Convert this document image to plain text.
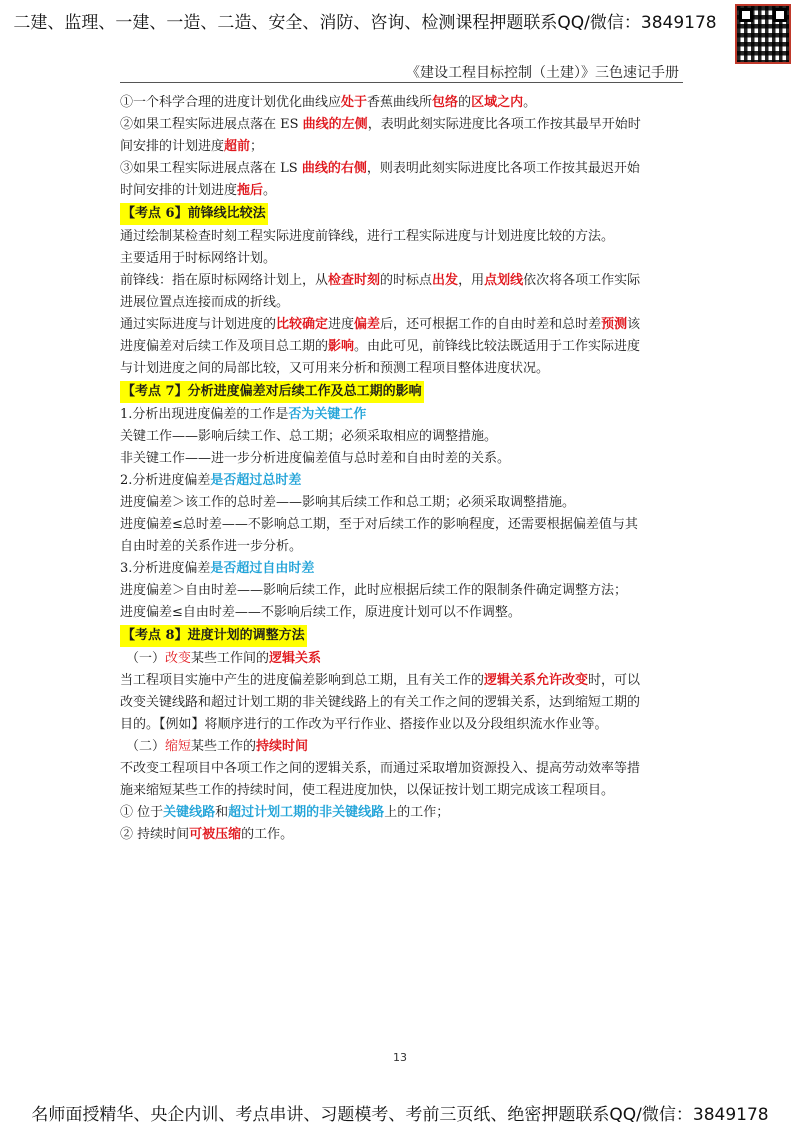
二建、监理、一建、一造、二造、安全、消防、咨询、检测课程押题联系QQ/微信：3849178
《建设工程目标控制（土建）》三色速记手册

①一个科学合理的进度计划优化曲线应处于香蕉曲线所包络的区域之内。

②如果工程实际进展点落在 ES 曲线的左侧，表明此刻实际进度比各项工作按其最早开始时

间安排的计划进度超前；

③如果工程实际进展点落在 LS 曲线的右侧，则表明此刻实际进度比各项工作按其最迟开始

时间安排的计划进度拖后。

【考点 6】前锋线比较法

通过绘制某检查时刻工程实际进度前锋线，进行工程实际进度与计划进度比较的方法。

主要适用于时标网络计划。

前锋线：指在原时标网络计划上，从检查时刻的时标点出发，用点划线依次将各项工作实际

进展位置点连接而成的折线。

通过实际进度与计划进度的比较确定进度偏差后，还可根据工作的自由时差和总时差预测该

进度偏差对后续工作及项目总工期的影响。由此可见，前锋线比较法既适用于工作实际进度

与计划进度之间的局部比较，又可用来分析和预测工程项目整体进度状况。

【考点 7】分析进度偏差对后续工作及总工期的影响

1.分析出现进度偏差的工作是否为关键工作

关键工作——影响后续工作、总工期；必须采取相应的调整措施。

非关键工作——进一步分析进度偏差值与总时差和自由时差的关系。

2.分析进度偏差是否超过总时差

进度偏差＞该工作的总时差——影响其后续工作和总工期；必须采取调整措施。

进度偏差≤总时差——不影响总工期，至于对后续工作的影响程度，还需要根据偏差值与其

自由时差的关系作进一步分析。

3.分析进度偏差是否超过自由时差

进度偏差＞自由时差——影响后续工作，此时应根据后续工作的限制条件确定调整方法；

进度偏差≤自由时差——不影响后续工作，原进度计划可以不作调整。

【考点 8】进度计划的调整方法

（一）改变某些工作间的逻辑关系

当工程项目实施中产生的进度偏差影响到总工期，且有关工作的逻辑关系允许改变时，可以

改变关键线路和超过计划工期的非关键线路上的有关工作之间的逻辑关系，达到缩短工期的

目的。【例如】将顺序进行的工作改为平行作业、搭接作业以及分段组织流水作业等。

（二）缩短某些工作的持续时间

不改变工程项目中各项工作之间的逻辑关系，而通过采取增加资源投入、提高劳动效率等措

施来缩短某些工作的持续时间，使工程进度加快，以保证按计划工期完成该工程项目。

① 位于关键线路和超过计划工期的非关键线路上的工作；

② 持续时间可被压缩的工作。

13
名师面授精华、央企内训、考点串讲、习题模考、考前三页纸、绝密押题联系QQ/微信：3849178
